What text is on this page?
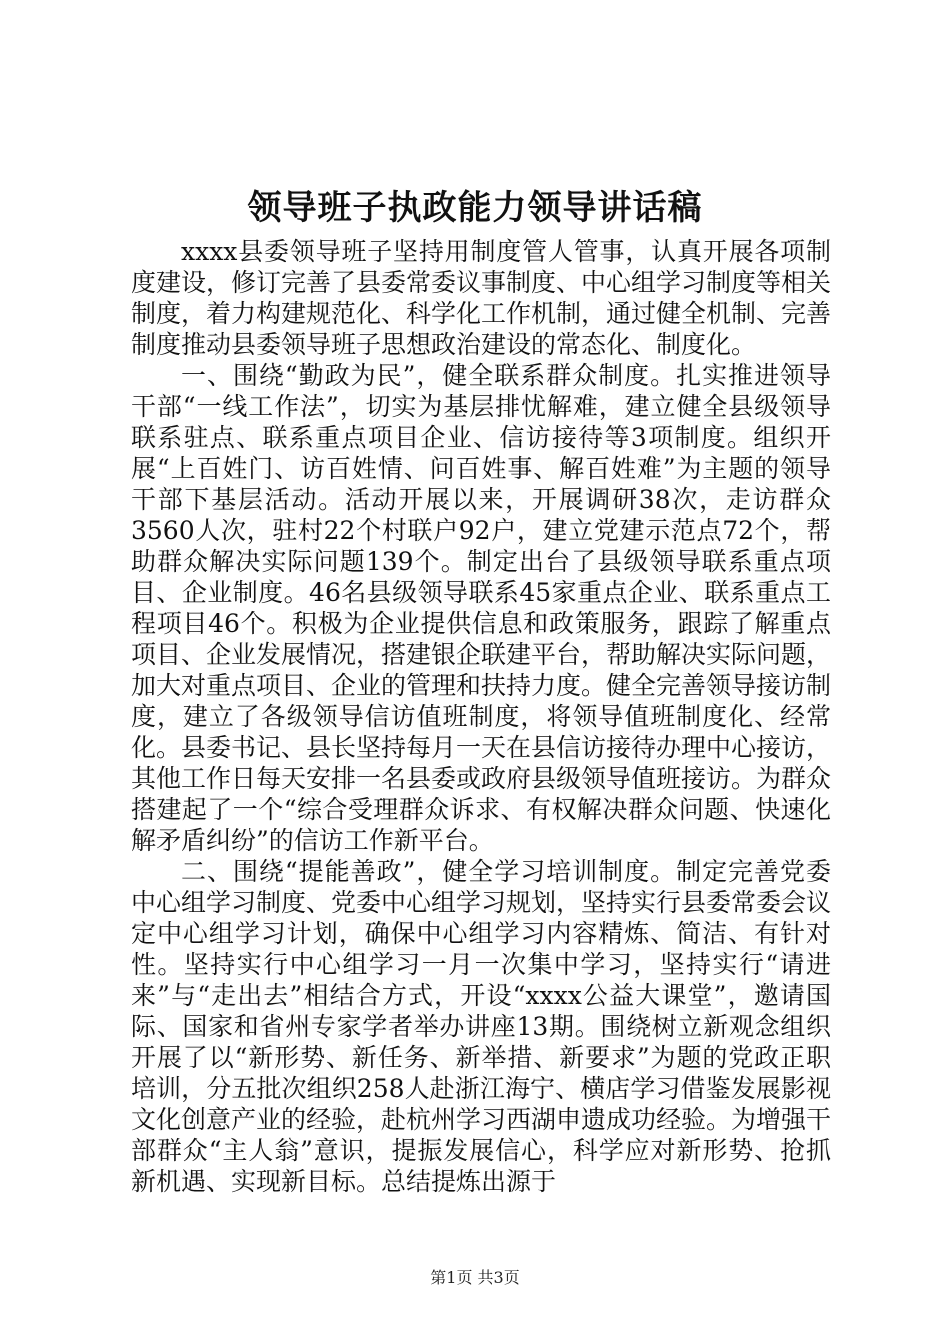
领导班子执政能力领导讲话稿

xxxx县委领导班子坚持用制度管人管事，认真开展各项制度建设，修订完善了县委常委议事制度、中心组学习制度等相关制度，着力构建规范化、科学化工作机制，通过健全机制、完善制度推动县委领导班子思想政治建设的常态化、制度化。

一、围绕“勤政为民”，健全联系群众制度。扎实推进领导干部“一线工作法”，切实为基层排忧解难，建立健全县级领导联系驻点、联系重点项目企业、信访接待等3项制度。组织开展“上百姓门、访百姓情、问百姓事、解百姓难”为主题的领导干部下基层活动。活动开展以来，开展调研38次，走访群众3560人次，驻村22个村联户92户，建立党建示范点72个，帮助群众解决实际问题139个。制定出台了县级领导联系重点项目、企业制度。46名县级领导联系45家重点企业、联系重点工程项目46个。积极为企业提供信息和政策服务，跟踪了解重点项目、企业发展情况，搭建银企联建平台，帮助解决实际问题，加大对重点项目、企业的管理和扶持力度。健全完善领导接访制度，建立了各级领导信访值班制度，将领导值班制度化、经常化。县委书记、县长坚持每月一天在县信访接待办理中心接访，其他工作日每天安排一名县委或政府县级领导值班接访。为群众搭建起了一个“综合受理群众诉求、有权解决群众问题、快速化解矛盾纠纷”的信访工作新平台。

二、围绕“提能善政”，健全学习培训制度。制定完善党委中心组学习制度、党委中心组学习规划，坚持实行县委常委会议定中心组学习计划，确保中心组学习内容精炼、简洁、有针对性。坚持实行中心组学习一月一次集中学习，坚持实行“请进来”与“走出去”相结合方式，开设“xxxx公益大课堂”，邀请国际、国家和省州专家学者举办讲座13期。围绕树立新观念组织开展了以“新形势、新任务、新举措、新要求”为题的党政正职培训，分五批次组织258人赴浙江海宁、横店学习借鉴发展影视文化创意产业的经验，赴杭州学习西湖申遗成功经验。为增强干部群众“主人翁”意识，提振发展信心，科学应对新形势、抢抓新机遇、实现新目标。总结提炼出源于

第1页 共3页
